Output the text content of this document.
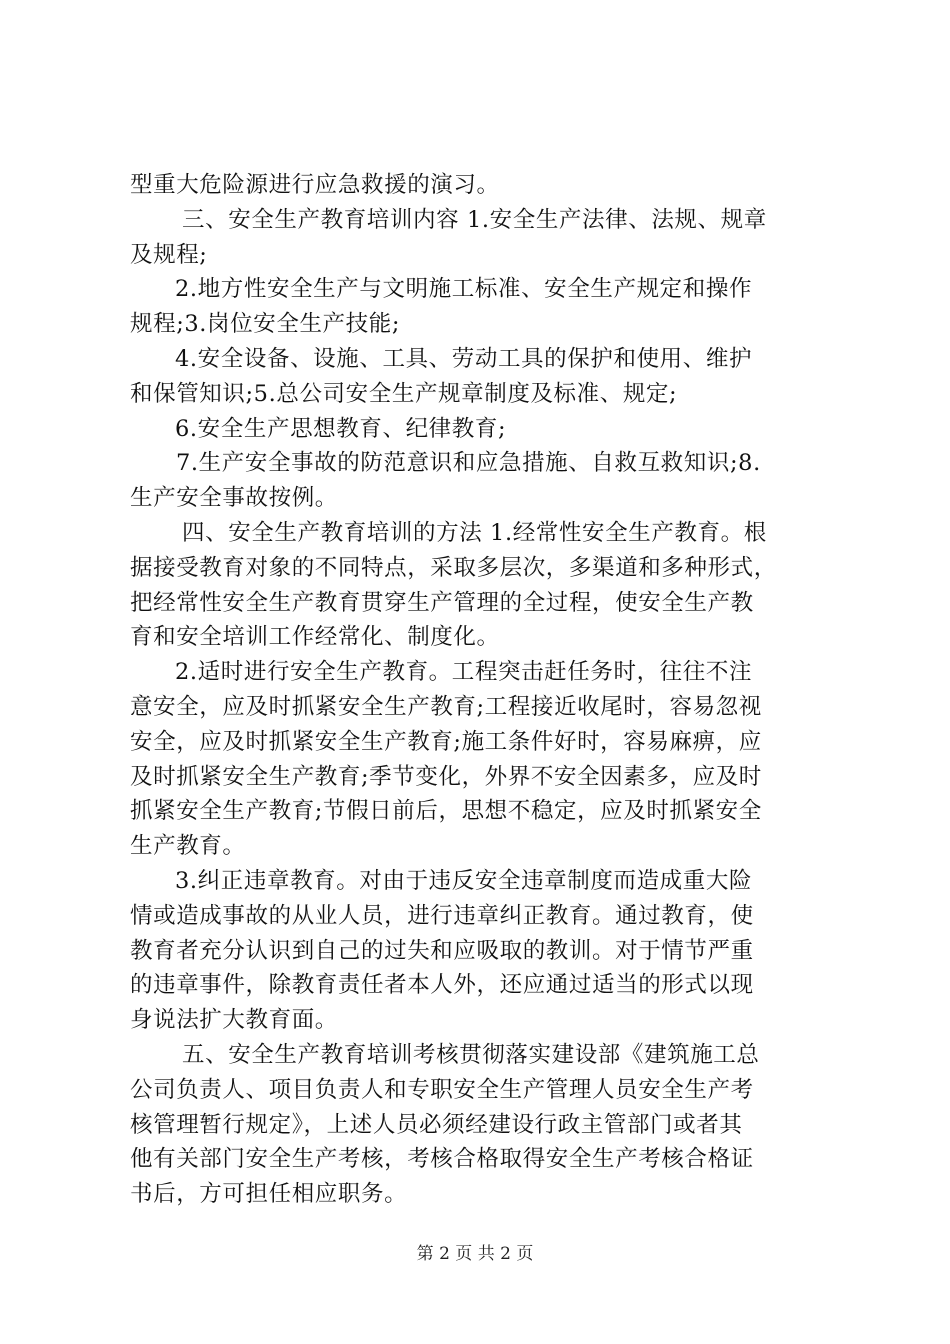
型重大危险源进行应急救援的演习。
三、安全生产教育培训内容 1.安全生产法律、法规、规章
及规程;
2.地方性安全生产与文明施工标准、安全生产规定和操作
规程;3.岗位安全生产技能;
4.安全设备、设施、工具、劳动工具的保护和使用、维护
和保管知识;5.总公司安全生产规章制度及标准、规定;
6.安全生产思想教育、纪律教育;
7.生产安全事故的防范意识和应急措施、自救互救知识;8.
生产安全事故按例。
四、安全生产教育培训的方法 1.经常性安全生产教育。根
据接受教育对象的不同特点，采取多层次，多渠道和多种形式，
把经常性安全生产教育贯穿生产管理的全过程，使安全生产教
育和安全培训工作经常化、制度化。
2.适时进行安全生产教育。工程突击赶任务时，往往不注
意安全，应及时抓紧安全生产教育;工程接近收尾时，容易忽视
安全，应及时抓紧安全生产教育;施工条件好时，容易麻痹，应
及时抓紧安全生产教育;季节变化，外界不安全因素多，应及时
抓紧安全生产教育;节假日前后，思想不稳定，应及时抓紧安全
生产教育。
3.纠正违章教育。对由于违反安全违章制度而造成重大险
情或造成事故的从业人员，进行违章纠正教育。通过教育，使
教育者充分认识到自己的过失和应吸取的教训。对于情节严重
的违章事件，除教育责任者本人外，还应通过适当的形式以现
身说法扩大教育面。
五、安全生产教育培训考核贯彻落实建设部《建筑施工总
公司负责人、项目负责人和专职安全生产管理人员安全生产考
核管理暂行规定》，上述人员必须经建设行政主管部门或者其
他有关部门安全生产考核，考核合格取得安全生产考核合格证
书后，方可担任相应职务。
第 2 页 共 2 页
